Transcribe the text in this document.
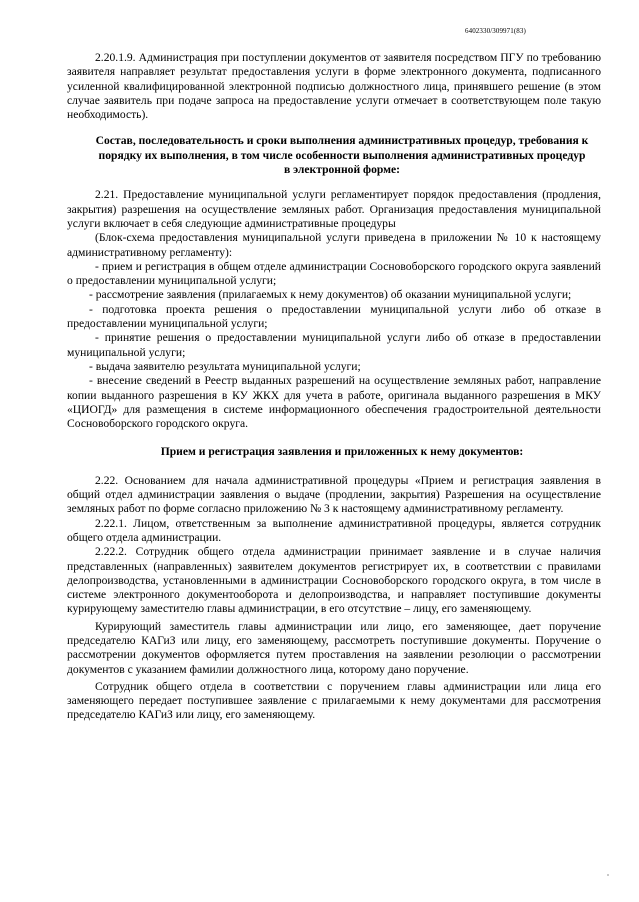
6402330/309971(83)

2.20.1.9. Администрация при поступлении документов от заявителя посредством ПГУ по требованию заявителя направляет результат предоставления услуги в форме электронного документа, подписанного усиленной квалифицированной электронной подписью должностного лица, принявшего решение (в этом случае заявитель при подаче запроса на предоставление услуги отмечает в соответствующем поле такую необходимость).

Состав, последовательность и сроки выполнения административных процедур, требования к порядку их выполнения, в том числе особенности выполнения административных процедур в электронной форме:

2.21. Предоставление муниципальной услуги регламентирует порядок предоставления (продления, закрытия) разрешения на осуществление земляных работ. Организация предоставления муниципальной услуги включает в себя следующие административные процедуры

(Блок-схема предоставления муниципальной услуги приведена в приложении № 10 к настоящему административному регламенту):

- прием и регистрация в общем отделе администрации Сосновоборского городского округа заявлений о предоставлении муниципальной услуги;

- рассмотрение заявления (прилагаемых к нему документов) об оказании муниципальной услуги;

- подготовка проекта решения о предоставлении муниципальной услуги либо об отказе в предоставлении муниципальной услуги;

- принятие решения о предоставлении муниципальной услуги либо об отказе в предоставлении муниципальной услуги;

- выдача заявителю результата муниципальной услуги;

- внесение сведений в Реестр выданных разрешений на осуществление земляных работ, направление копии выданного разрешения в КУ ЖКХ для учета в работе, оригинала выданного разрешения в МКУ «ЦИОГД» для размещения в системе информационного обеспечения градостроительной деятельности Сосновоборского городского округа.

Прием и регистрация заявления и приложенных к нему документов:

2.22. Основанием для начала административной процедуры «Прием и регистрация заявления в общий отдел администрации заявления о выдаче (продлении, закрытия) Разрешения на осуществление земляных работ по форме согласно приложению № 3 к настоящему административному регламенту.

2.22.1. Лицом, ответственным за выполнение административной процедуры, является сотрудник общего отдела администрации.

2.22.2. Сотрудник общего отдела администрации принимает заявление и в случае наличия представленных (направленных) заявителем документов регистрирует их, в соответствии с правилами делопроизводства, установленными в администрации Сосновоборского городского округа, в том числе в системе электронного документооборота и делопроизводства, и направляет поступившие документы курирующему заместителю главы администрации, в его отсутствие – лицу, его заменяющему.

Курирующий заместитель главы администрации или лицо, его заменяющее, дает поручение председателю КАГиЗ или лицу, его заменяющему, рассмотреть поступившие документы. Поручение о рассмотрении документов оформляется путем проставления на заявлении резолюции о рассмотрении документов с указанием фамилии должностного лица, которому дано поручение.

Сотрудник общего отдела в соответствии с поручением главы администрации или лица его заменяющего передает поступившее заявление с прилагаемыми к нему документами для рассмотрения председателю КАГиЗ или лицу, его заменяющему.
